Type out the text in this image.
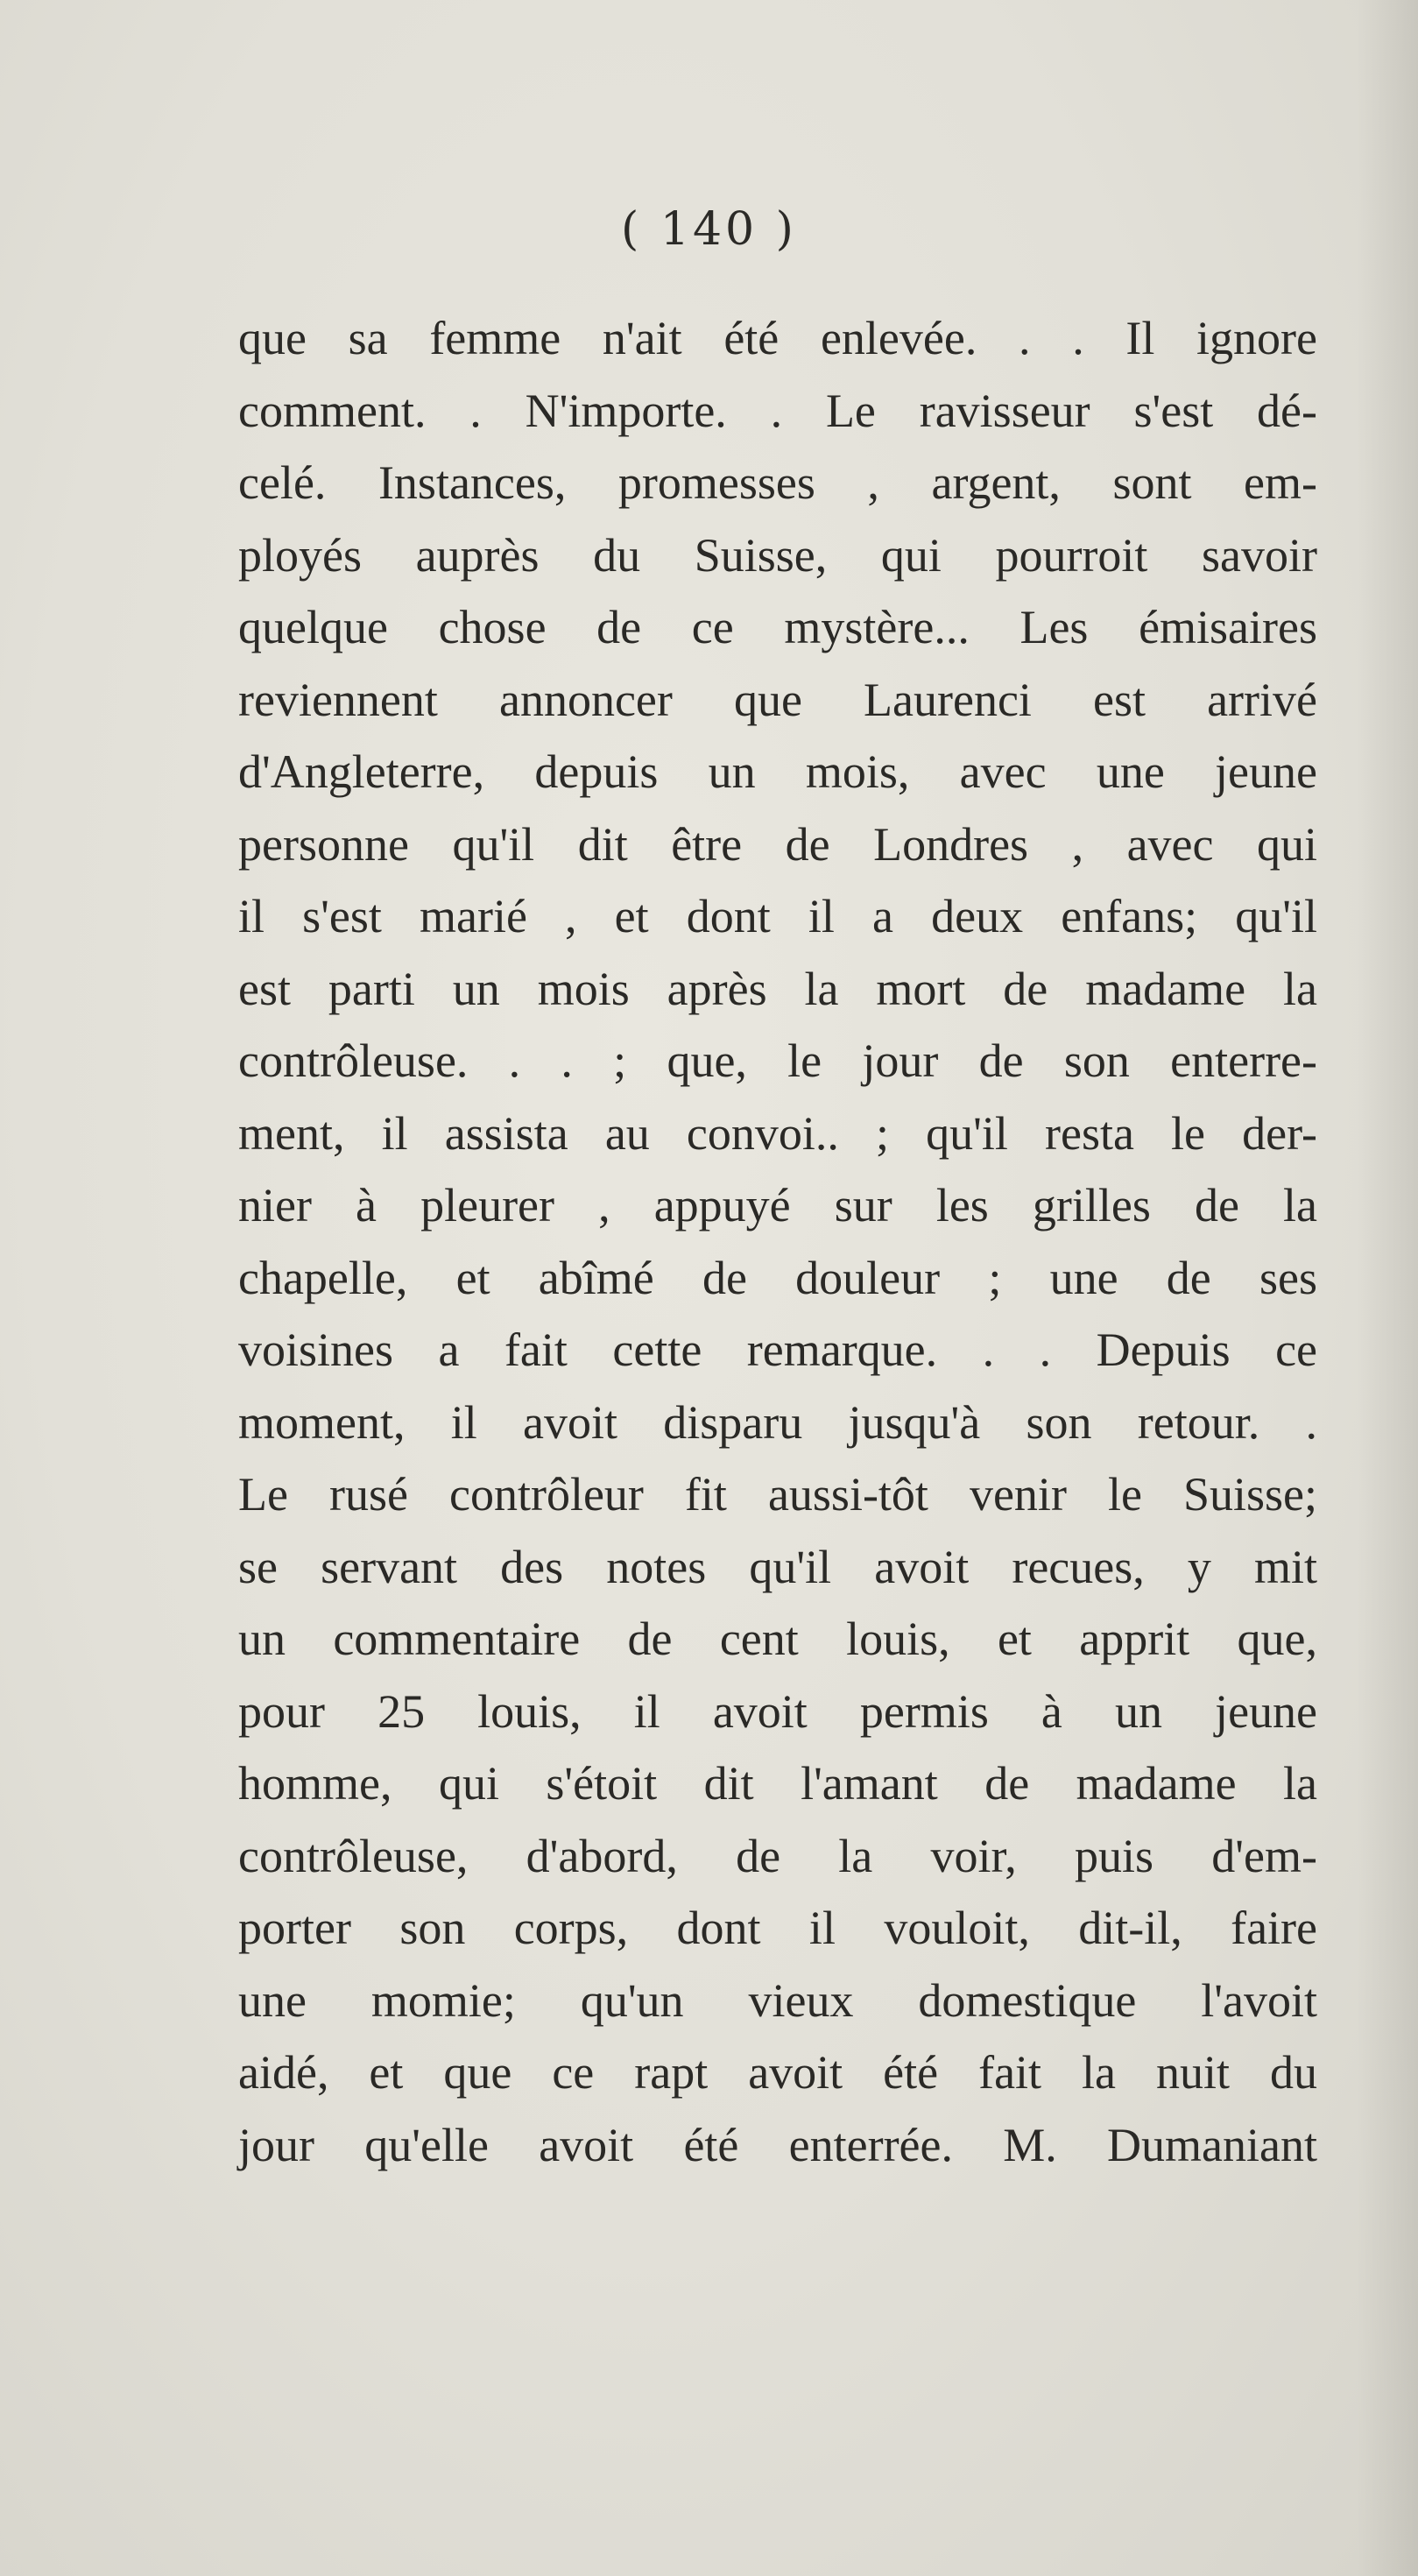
( 140 )
que sa femme n'ait été enlevée. . . Il ignore
comment. . N'importe. . Le ravisseur s'est dé-
celé. Instances, promesses , argent, sont em-
ployés auprès du Suisse, qui pourroit savoir
quelque chose de ce mystère... Les émisaires
reviennent annoncer que Laurenci est arrivé
d'Angleterre, depuis un mois, avec une jeune
personne qu'il dit être de Londres , avec qui
il s'est marié , et dont il a deux enfans; qu'il
est parti un mois après la mort de madame la
contrôleuse. . . ; que, le jour de son enterre-
ment, il assista au convoi.. ; qu'il resta le der-
nier à pleurer , appuyé sur les grilles de la
chapelle, et abîmé de douleur ; une de ses
voisines a fait cette remarque. . . Depuis ce
moment, il avoit disparu jusqu'à son retour. .
Le rusé contrôleur fit aussi-tôt venir le Suisse;
se servant des notes qu'il avoit recues, y mit
un commentaire de cent louis, et apprit que,
pour 25 louis, il avoit permis à un jeune
homme, qui s'étoit dit l'amant de madame la
contrôleuse, d'abord, de la voir, puis d'em-
porter son corps, dont il vouloit, dit-il, faire
une momie; qu'un vieux domestique l'avoit
aidé, et que ce rapt avoit été fait la nuit du
jour qu'elle avoit été enterrée. M. Dumaniant
